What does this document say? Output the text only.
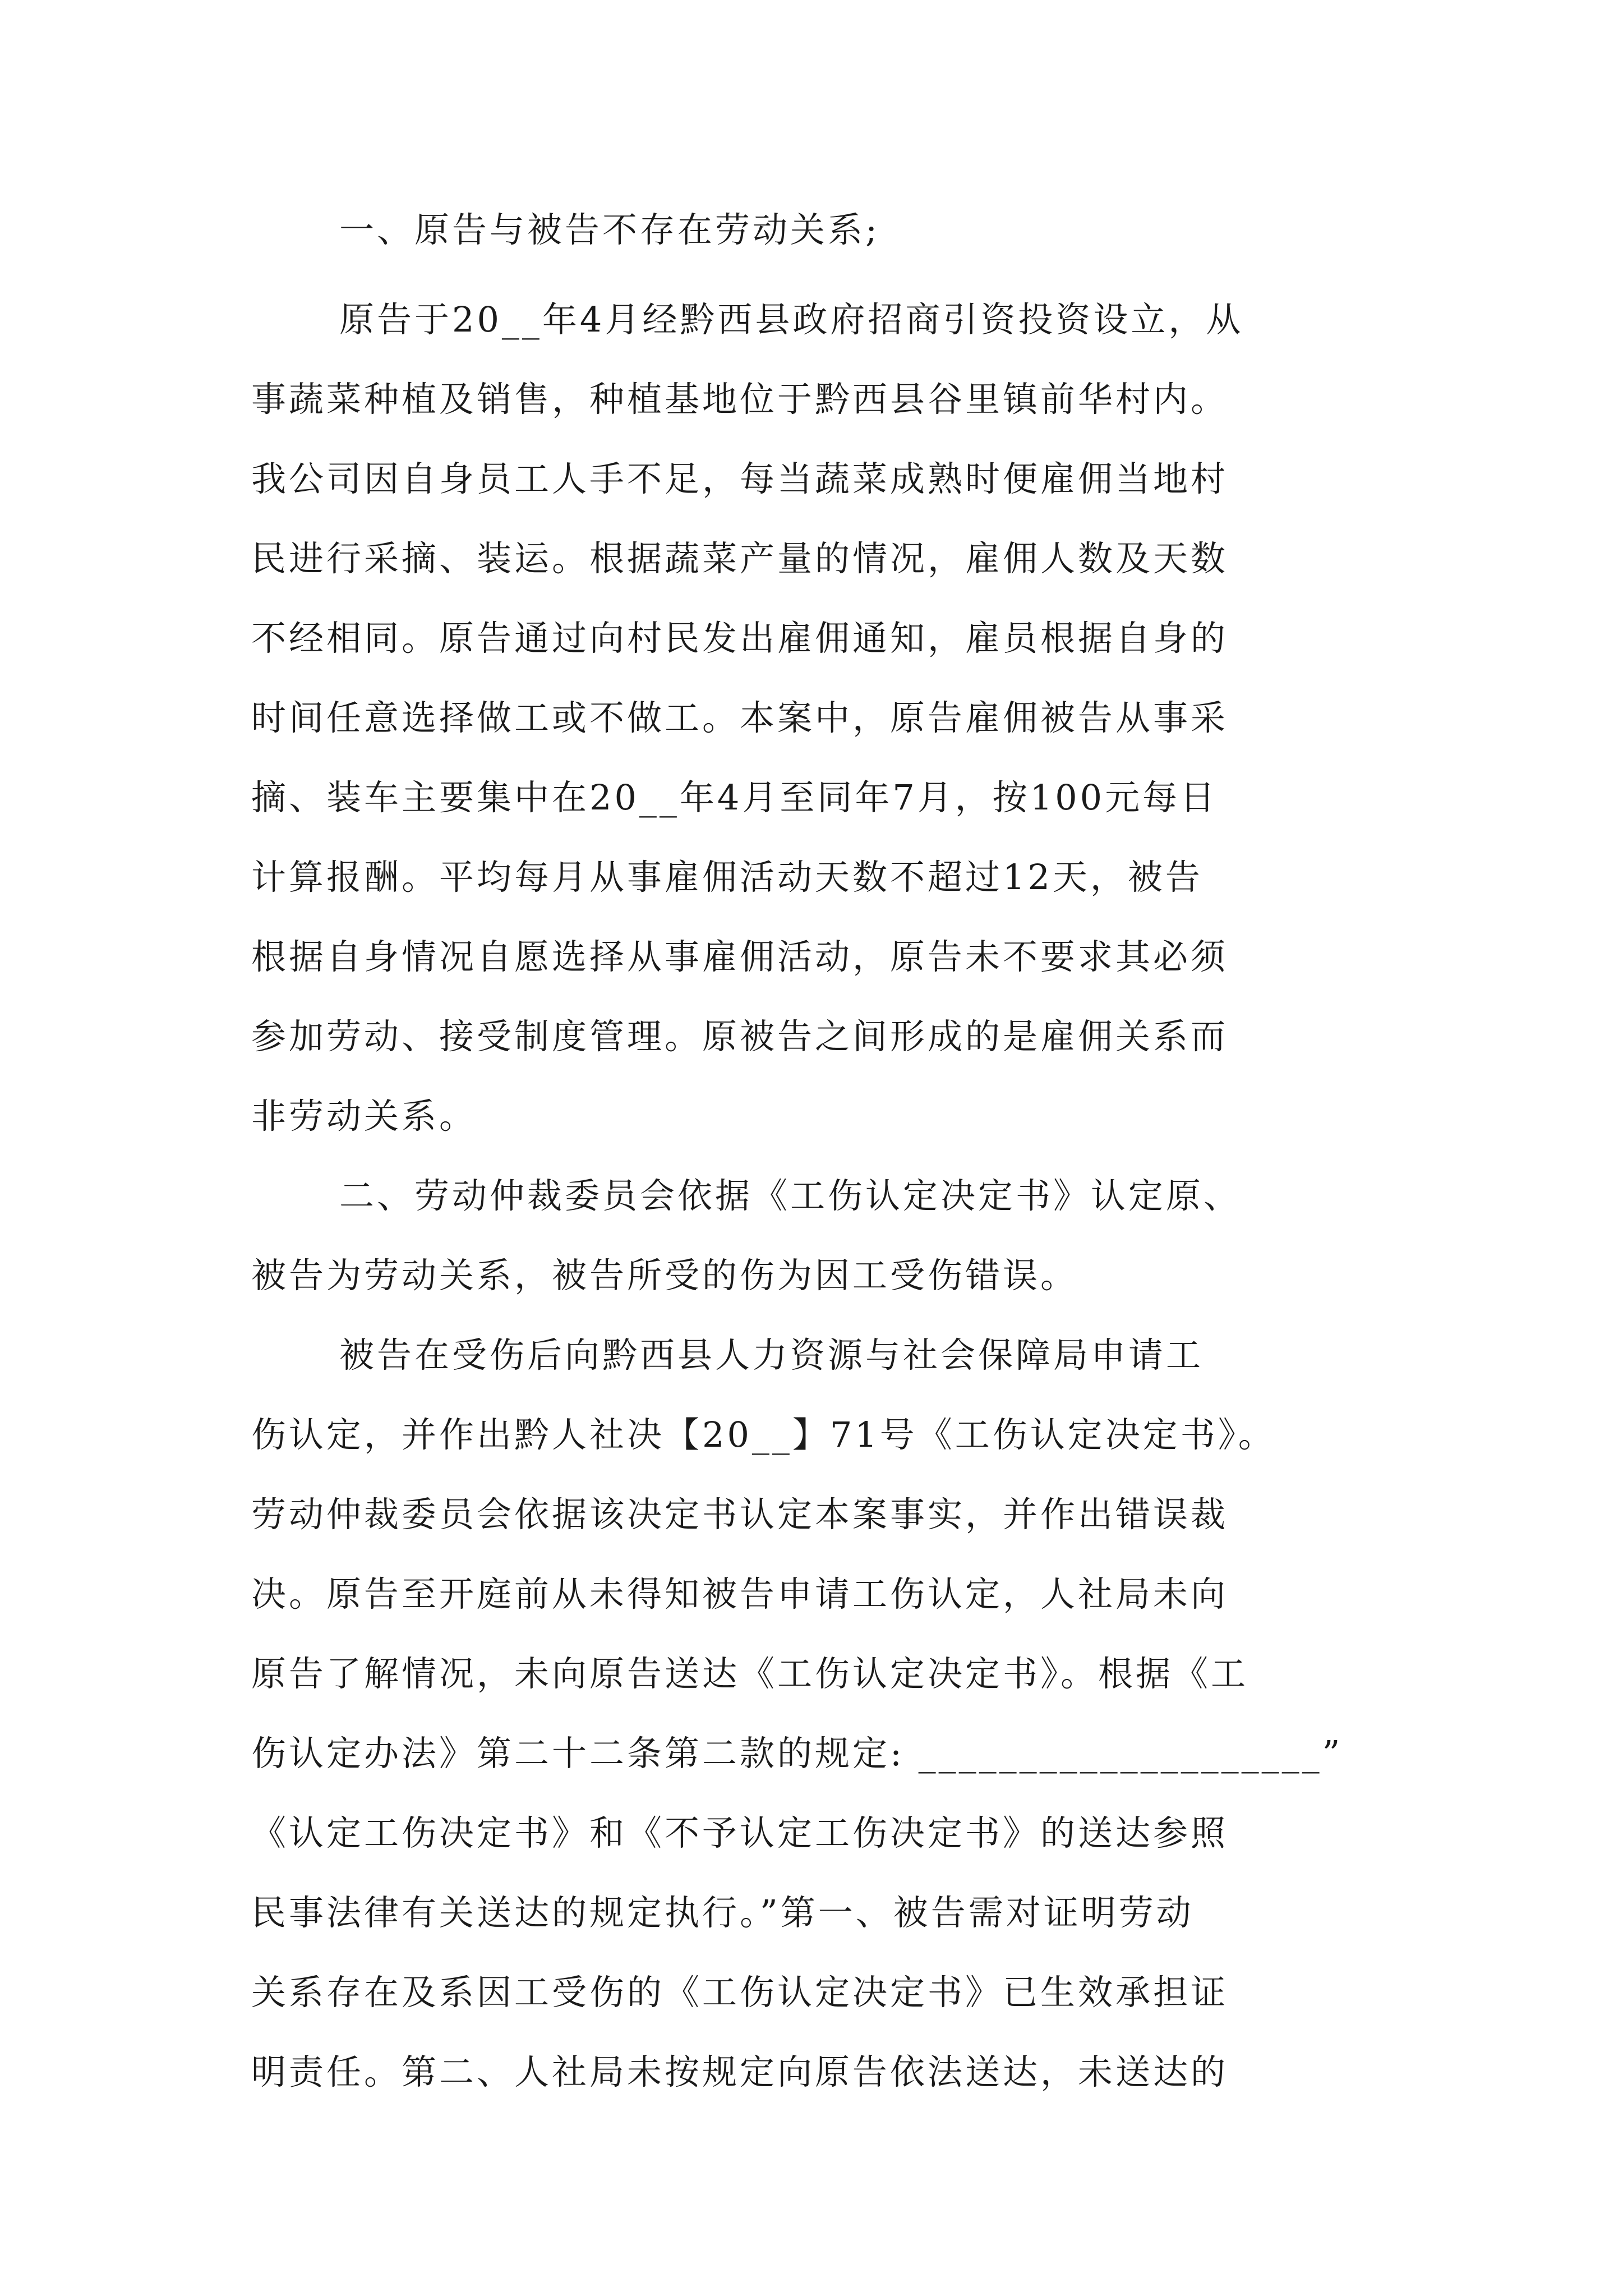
一、原告与被告不存在劳动关系;
原告于20__年4月经黔西县政府招商引资投资设立，从
事蔬菜种植及销售，种植基地位于黔西县谷里镇前华村内。
我公司因自身员工人手不足，每当蔬菜成熟时便雇佣当地村
民进行采摘、装运。根据蔬菜产量的情况，雇佣人数及天数
不经相同。原告通过向村民发出雇佣通知，雇员根据自身的
时间任意选择做工或不做工。本案中，原告雇佣被告从事采
摘、装车主要集中在20__年4月至同年7月，按100元每日
计算报酬。平均每月从事雇佣活动天数不超过12天，被告
根据自身情况自愿选择从事雇佣活动，原告未不要求其必须
参加劳动、接受制度管理。原被告之间形成的是雇佣关系而
非劳动关系。
二、劳动仲裁委员会依据《工伤认定决定书》认定原、
被告为劳动关系，被告所受的伤为因工受伤错误。
被告在受伤后向黔西县人力资源与社会保障局申请工
伤认定，并作出黔人社决【20__】71号《工伤认定决定书》。
劳动仲裁委员会依据该决定书认定本案事实，并作出错误裁
决。原告至开庭前从未得知被告申请工伤认定，人社局未向
原告了解情况，未向原告送达《工伤认定决定书》。根据《工
伤认定办法》第二十二条第二款的规定: ____________________”
《认定工伤决定书》和《不予认定工伤决定书》的送达参照
民事法律有关送达的规定执行。”第一、被告需对证明劳动
关系存在及系因工受伤的《工伤认定决定书》已生效承担证
明责任。第二、人社局未按规定向原告依法送达，未送达的
